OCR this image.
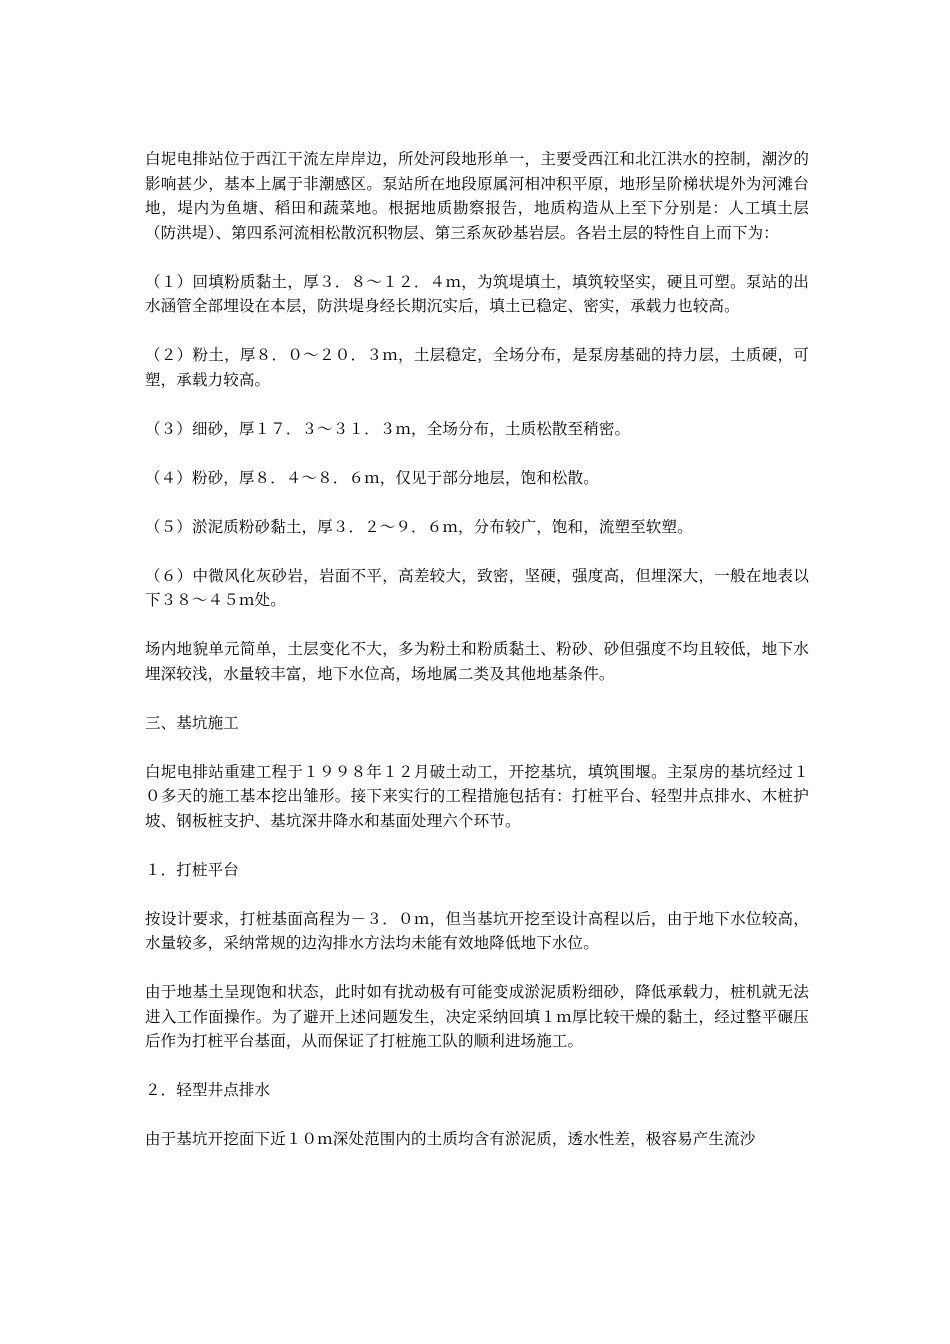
白坭电排站位于西江干流左岸岸边，所处河段地形单一，主要受西江和北江洪水的控制，潮汐的影响甚少，基本上属于非潮感区。泵站所在地段原属河相冲积平原，地形呈阶梯状堤外为河滩台地，堤内为鱼塘、稻田和蔬菜地。根据地质勘察报告，地质构造从上至下分别是：人工填土层（防洪堤）、第四系河流相松散沉积物层、第三系灰砂基岩层。各岩土层的特性自上而下为：

（１）回填粉质黏土，厚３．８～１２．４ｍ，为筑堤填土，填筑较坚实，硬且可塑。泵站的出水涵管全部埋设在本层，防洪堤身经长期沉实后，填土已稳定、密实，承载力也较高。

（２）粉土，厚８．０～２０．３ｍ，土层稳定，全场分布，是泵房基础的持力层，土质硬，可塑，承载力较高。

（３）细砂，厚１７．３～３１．３ｍ，全场分布，土质松散至稍密。

（４）粉砂，厚８．４～８．６ｍ，仅见于部分地层，饱和松散。

（５）淤泥质粉砂黏土，厚３．２～９．６ｍ，分布较广，饱和，流塑至软塑。

（６）中微风化灰砂岩，岩面不平，高差较大，致密，坚硬，强度高，但埋深大，一般在地表以下３８～４５ｍ处。

场内地貌单元简单，土层变化不大，多为粉土和粉质黏土、粉砂、砂但强度不均且较低，地下水埋深较浅，水量较丰富，地下水位高，场地属二类及其他地基条件。

三、基坑施工

白坭电排站重建工程于１９９８年１２月破土动工，开挖基坑，填筑围堰。主泵房的基坑经过１０多天的施工基本挖出雏形。接下来实行的工程措施包括有：打桩平台、轻型井点排水、木桩护坡、钢板桩支护、基坑深井降水和基面处理六个环节。

１．打桩平台

按设计要求，打桩基面高程为－３．０ｍ，但当基坑开挖至设计高程以后，由于地下水位较高，水量较多，采纳常规的边沟排水方法均未能有效地降低地下水位。

由于地基土呈现饱和状态，此时如有扰动极有可能变成淤泥质粉细砂，降低承载力，桩机就无法进入工作面操作。为了避开上述问题发生，决定采纳回填１ｍ厚比较干燥的黏土，经过整平碾压后作为打桩平台基面，从而保证了打桩施工队的顺利进场施工。

２．轻型井点排水

由于基坑开挖面下近１０ｍ深处范围内的土质均含有淤泥质，透水性差，极容易产生流沙
